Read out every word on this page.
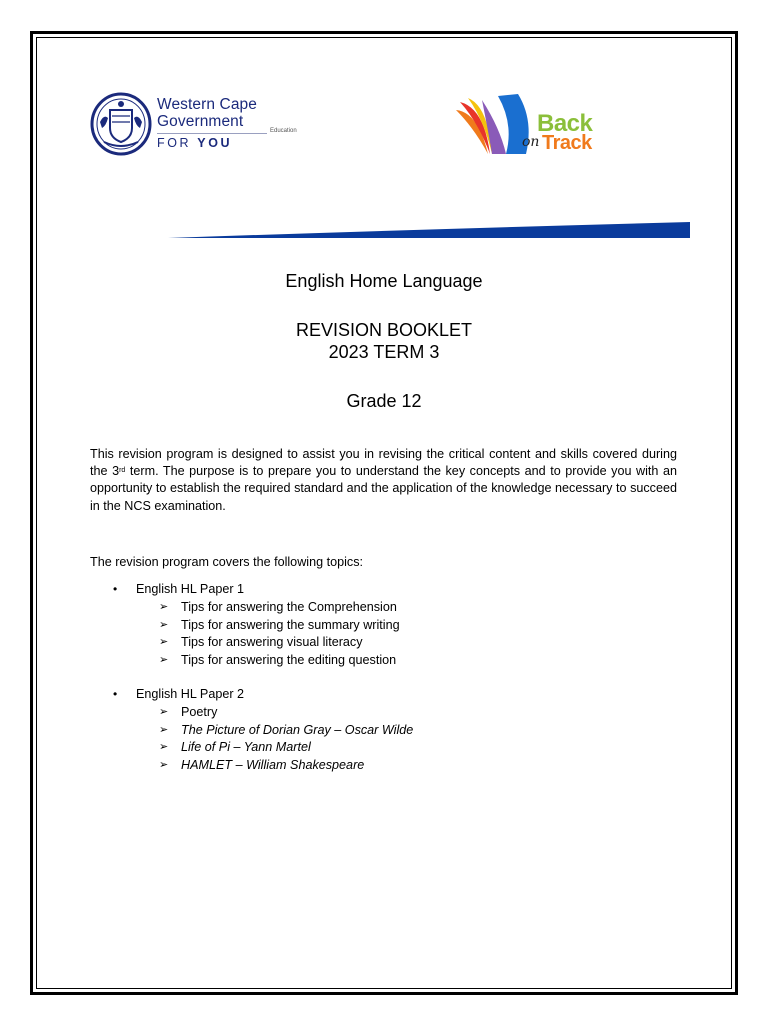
Western Cape
Government
Education
FOR YOU
Back
on Track
English Home Language
REVISION BOOKLET
2023 TERM 3
Grade 12
This revision program is designed to assist you in revising the critical content and skills covered during the 3rd term. The purpose is to prepare you to understand the key concepts and to provide you with an opportunity to establish the required standard and the application of the knowledge necessary to succeed in the NCS examination.
The revision program covers the following topics:
• English HL Paper 1
➢ Tips for answering the Comprehension
➢ Tips for answering the summary writing
➢ Tips for answering visual literacy
➢ Tips for answering the editing question
• English HL Paper 2
➢ Poetry
➢ The Picture of Dorian Gray – Oscar Wilde
➢ Life of Pi – Yann Martel
➢ HAMLET – William Shakespeare
